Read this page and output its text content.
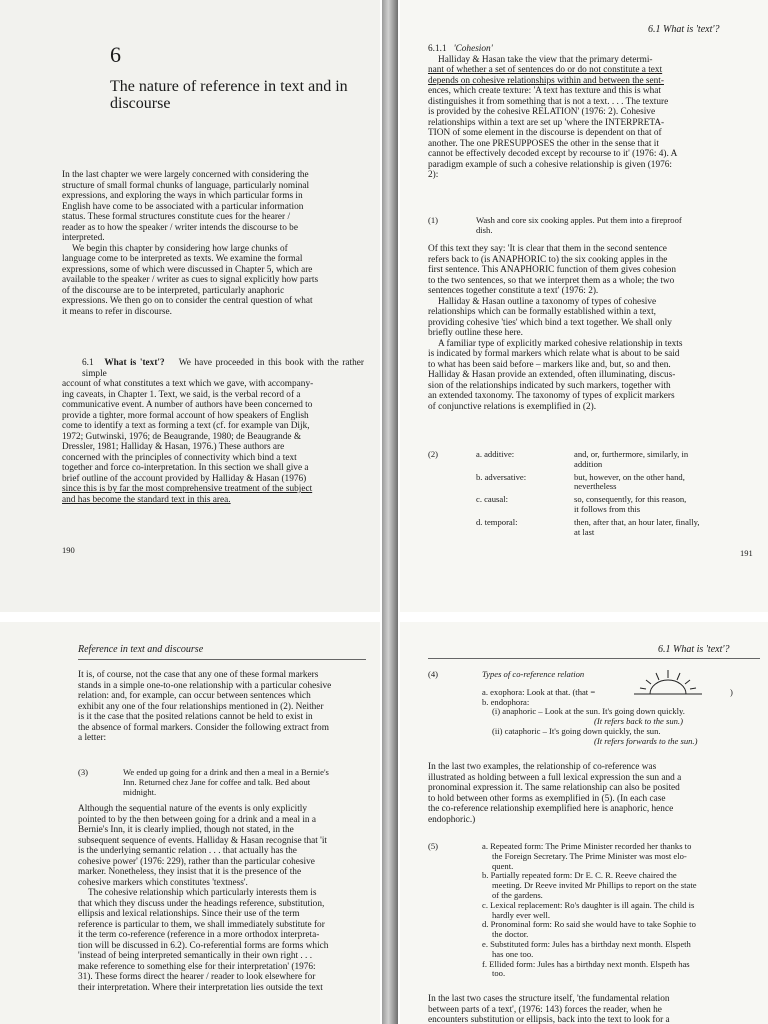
6
The nature of reference in text and in discourse

In the last chapter we were largely concerned with considering the

structure of small formal chunks of language, particularly nominal

expressions, and exploring the ways in which particular forms in

English have come to be associated with a particular information

status. These formal structures constitute cues for the hearer /

reader as to how the speaker / writer intends the discourse to be

interpreted.

We begin this chapter by considering how large chunks of

language come to be interpreted as texts. We examine the formal

expressions, some of which were discussed in Chapter 5, which are

available to the speaker / writer as cues to signal explicitly how parts

of the discourse are to be interpreted, particularly anaphoric

expressions. We then go on to consider the central question of what

it means to refer in discourse.

6.1 What is 'text'? We have proceeded in this book with the rather simple

account of what constitutes a text which we gave, with accompany-

ing caveats, in Chapter 1. Text, we said, is the verbal record of a

communicative event. A number of authors have been concerned to

provide a tighter, more formal account of how speakers of English

come to identify a text as forming a text (cf. for example van Dijk,

1972; Gutwinski, 1976; de Beaugrande, 1980; de Beaugrande &

Dressler, 1981; Halliday & Hasan, 1976.) These authors are

concerned with the principles of connectivity which bind a text

together and force co-interpretation. In this section we shall give a

brief outline of the account provided by Halliday & Hasan (1976)

since this is by far the most comprehensive treatment of the subject

and has become the standard text in this area.

190
6.1 What is 'text'?

6.1.1 'Cohesion'

Halliday & Hasan take the view that the primary determi-

nant of whether a set of sentences do or do not constitute a text

depends on cohesive relationships within and between the sent-

ences, which create texture: 'A text has texture and this is what

distinguishes it from something that is not a text. . . . The texture

is provided by the cohesive RELATION' (1976: 2). Cohesive

relationships within a text are set up 'where the INTERPRETA-

TION of some element in the discourse is dependent on that of

another. The one PRESUPPOSES the other in the sense that it

cannot be effectively decoded except by recourse to it' (1976: 4). A

paradigm example of such a cohesive relationship is given (1976:

2):

(1)	Wash and core six cooking apples. Put them into a fireproof
dish.

Of this text they say: 'It is clear that them in the second sentence

refers back to (is ANAPHORIC to) the six cooking apples in the

first sentence. This ANAPHORIC function of them gives cohesion

to the two sentences, so that we interpret them as a whole; the two

sentences together constitute a text' (1976: 2).

Halliday & Hasan outline a taxonomy of types of cohesive

relationships which can be formally established within a text,

providing cohesive 'ties' which bind a text together. We shall only

briefly outline these here.

A familiar type of explicitly marked cohesive relationship in texts

is indicated by formal markers which relate what is about to be said

to what has been said before – markers like and, but, so and then.

Halliday & Hasan provide an extended, often illuminating, discus-

sion of the relationships indicated by such markers, together with

an extended taxonomy. The taxonomy of types of explicit markers

of conjunctive relations is exemplified in (2).

(2)	a. additive:	and, or, furthermore, similarly, in
addition
b. adversative:	but, however, on the other hand,
nevertheless
c. causal:	so, consequently, for this reason,
it follows from this
d. temporal:	then, after that, an hour later, finally,
at last
191
Reference in text and discourse

It is, of course, not the case that any one of these formal markers

stands in a simple one-to-one relationship with a particular cohesive

relation: and, for example, can occur between sentences which

exhibit any one of the four relationships mentioned in (2). Neither

is it the case that the posited relations cannot be held to exist in

the absence of formal markers. Consider the following extract from

a letter:

(3)	We ended up going for a drink and then a meal in a Bernie's
Inn. Returned chez Jane for coffee and talk. Bed about
midnight.

Although the sequential nature of the events is only explicitly

pointed to by the then between going for a drink and a meal in a

Bernie's Inn, it is clearly implied, though not stated, in the

subsequent sequence of events. Halliday & Hasan recognise that 'it

is the underlying semantic relation . . . that actually has the

cohesive power' (1976: 229), rather than the particular cohesive

marker. Nonetheless, they insist that it is the presence of the

cohesive markers which constitutes 'textness'.

The cohesive relationship which particularly interests them is

that which they discuss under the headings reference, substitution,

ellipsis and lexical relationships. Since their use of the term

reference is particular to them, we shall immediately substitute for

it the term co-reference (reference in a more orthodox interpreta-

tion will be discussed in 6.2). Co-referential forms are forms which

'instead of being interpreted semantically in their own right . . .

make reference to something else for their interpretation' (1976:

31). These forms direct the hearer / reader to look elsewhere for

their interpretation. Where their interpretation lies outside the text

6.1 What is 'text'?
(4)	Types of co-reference relation
a. exophora: Look at that. (that =
b. endophora:
(i) anaphoric – Look at the sun. It's going down quickly.
(It refers back to the sun.)
(ii) cataphoric – It's going down quickly, the sun.
(It refers forwards to the sun.)
)

In the last two examples, the relationship of co-reference was

illustrated as holding between a full lexical expression the sun and a

pronominal expression it. The same relationship can also be posited

to hold between other forms as exemplified in (5). (In each case

the co-reference relationship exemplified here is anaphoric, hence

endophoric.)

(5)	a. Repeated form: The Prime Minister recorded her thanks to
the Foreign Secretary. The Prime Minister was most elo-
quent.
b. Partially repeated form: Dr E. C. R. Reeve chaired the
meeting. Dr Reeve invited Mr Phillips to report on the state
of the gardens.
c. Lexical replacement: Ro's daughter is ill again. The child is
hardly ever well.
d. Pronominal form: Ro said she would have to take Sophie to
the doctor.
e. Substituted form: Jules has a birthday next month. Elspeth
has one too.
f. Ellided form: Jules has a birthday next month. Elspeth has
too.

In the last two cases the structure itself, 'the fundamental relation

between parts of a text', (1976: 143) forces the reader, when he

encounters substitution or ellipsis, back into the text to look for a
